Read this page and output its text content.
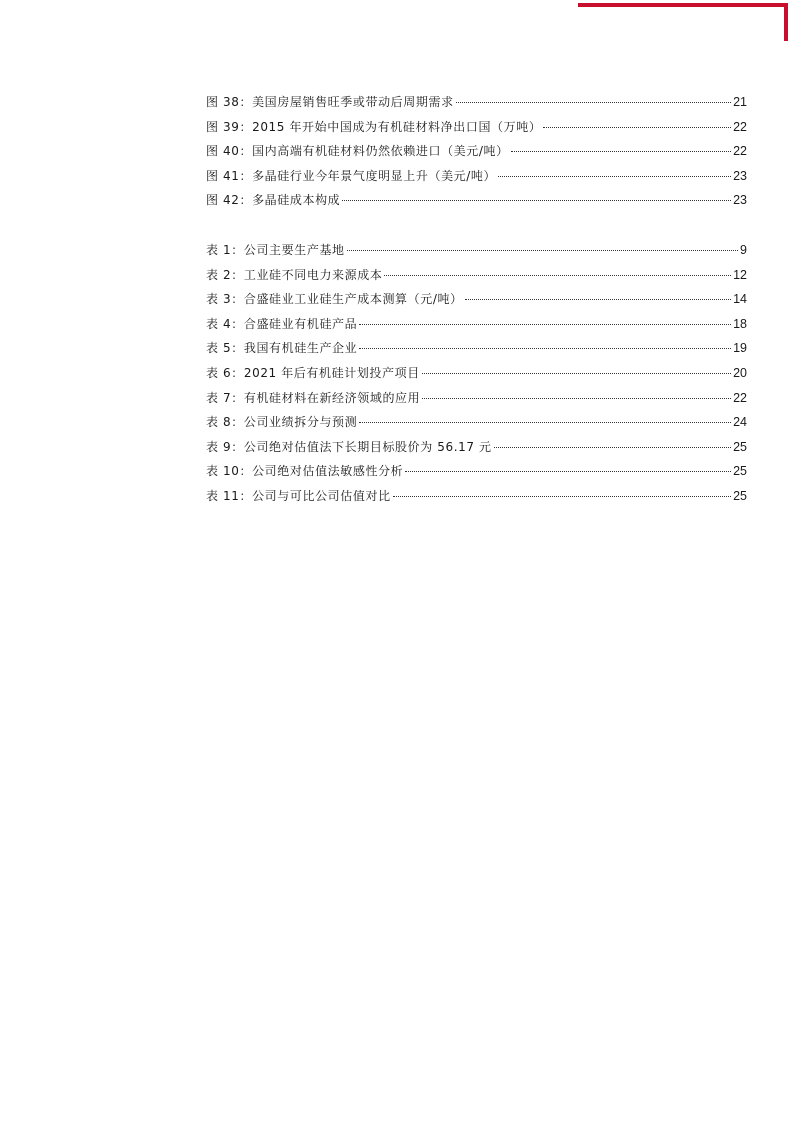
图 38：美国房屋销售旺季或带动后周期需求	21
图 39：2015 年开始中国成为有机硅材料净出口国（万吨）	22
图 40：国内高端有机硅材料仍然依赖进口（美元/吨）	22
图 41：多晶硅行业今年景气度明显上升（美元/吨）	23
图 42：多晶硅成本构成	23
表 1：公司主要生产基地	9
表 2：工业硅不同电力来源成本	12
表 3：合盛硅业工业硅生产成本测算（元/吨）	14
表 4：合盛硅业有机硅产品	18
表 5：我国有机硅生产企业	19
表 6：2021 年后有机硅计划投产项目	20
表 7：有机硅材料在新经济领域的应用	22
表 8：公司业绩拆分与预测	24
表 9：公司绝对估值法下长期目标股价为 56.17 元	25
表 10：公司绝对估值法敏感性分析	25
表 11：公司与可比公司估值对比	25
